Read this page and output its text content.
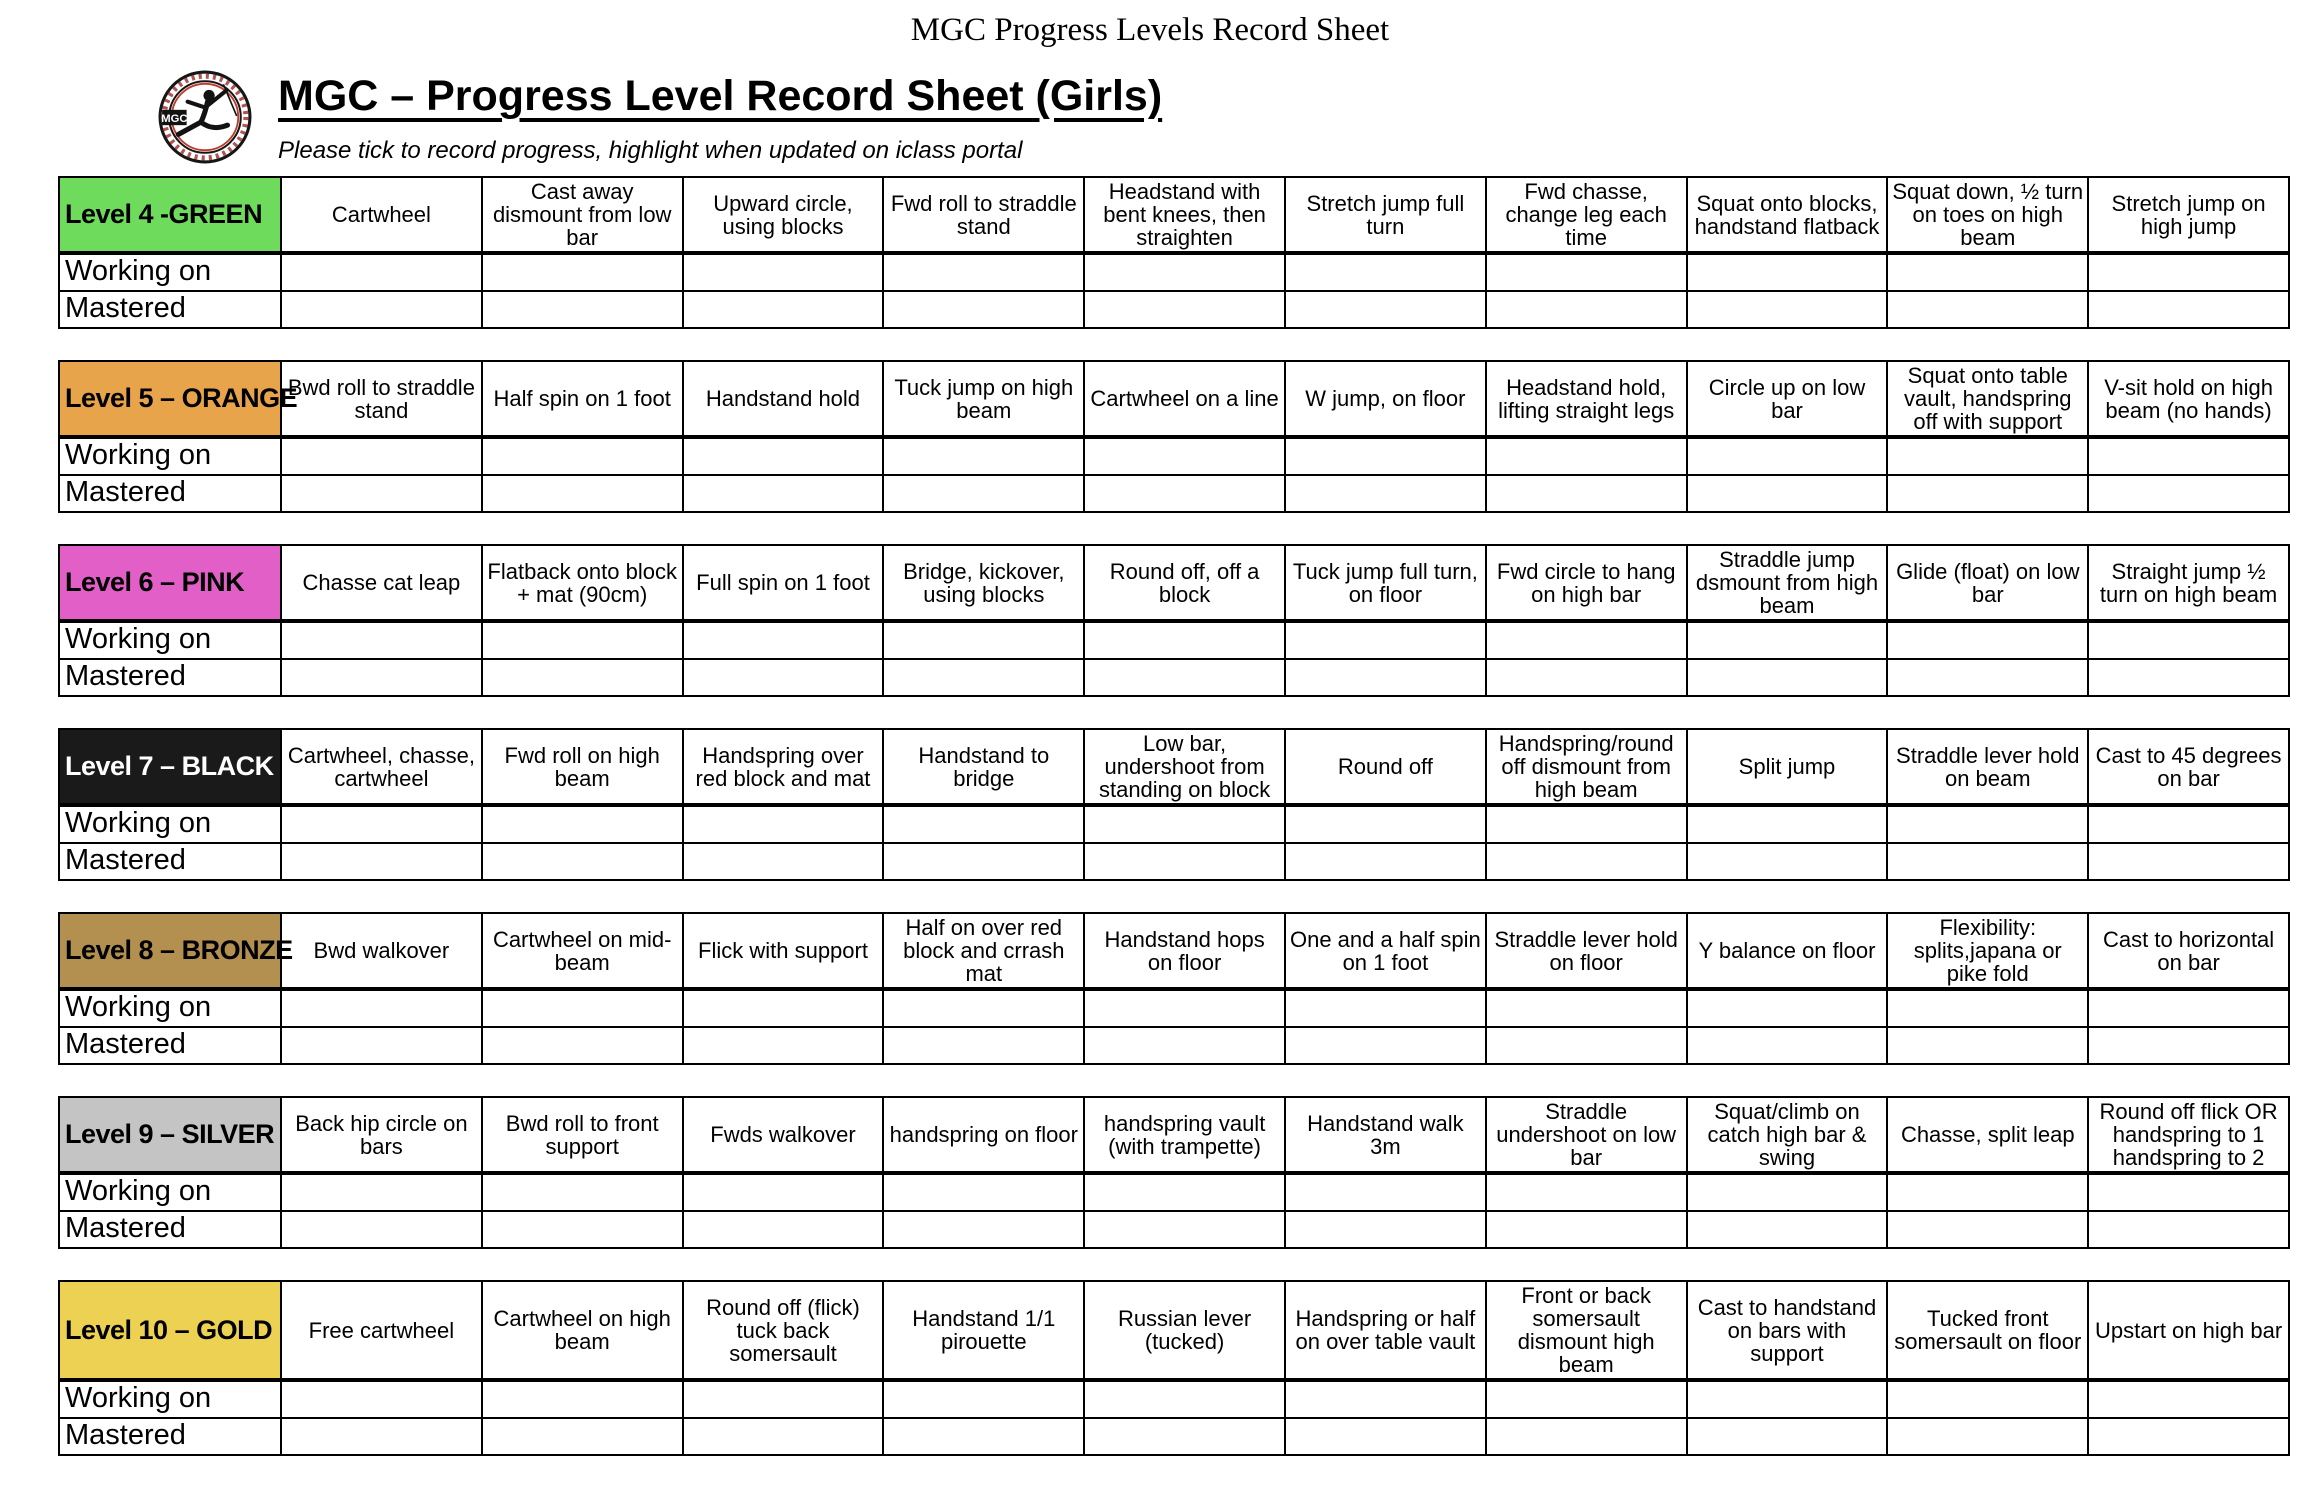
MGC Progress Levels Record Sheet
MGC MGC – Progress Level Record Sheet (Girls)
Please tick to record progress, highlight when updated on iclass portal
Level 4 -GREEN	Cartwheel	Cast away dismount from low bar	Upward circle, using blocks	Fwd roll to straddle stand	Headstand with bent knees, then straighten	Stretch jump full turn	Fwd chasse, change leg each time	Squat onto blocks, handstand flatback	Squat down, ½ turn on toes on high beam	Stretch jump on high jump
Working on										
Mastered										
Level 5 – ORANGE	Bwd roll to straddle stand	Half spin on 1 foot	Handstand hold	Tuck jump on high beam	Cartwheel on a line	W jump, on floor	Headstand hold, lifting straight legs	Circle up on low bar	Squat onto table vault, handspring off with support	V-sit hold on high beam (no hands)
Working on										
Mastered										
Level 6 – PINK	Chasse cat leap	Flatback onto block + mat (90cm)	Full spin on 1 foot	Bridge, kickover, using blocks	Round off, off a block	Tuck jump full turn, on floor	Fwd circle to hang on high bar	Straddle jump dsmount from high beam	Glide (float) on low bar	Straight jump ½ turn on high beam
Working on										
Mastered										
Level 7 – BLACK	Cartwheel, chasse, cartwheel	Fwd roll on high beam	Handspring over red block and mat	Handstand to bridge	Low bar, undershoot from standing on block	Round off	Handspring/round off dismount from high beam	Split jump	Straddle lever hold on beam	Cast to 45 degrees on bar
Working on										
Mastered										
Level 8 – BRONZE	Bwd walkover	Cartwheel on mid-beam	Flick with support	Half on over red block and crrash mat	Handstand hops on floor	One and a half spin on 1 foot	Straddle lever hold on floor	Y balance on floor	Flexibility: splits,japana or pike fold	Cast to horizontal on bar
Working on										
Mastered										
Level 9 – SILVER	Back hip circle on bars	Bwd roll to front support	Fwds walkover	handspring on floor	handspring vault (with trampette)	Handstand walk 3m	Straddle undershoot on low bar	Squat/climb on catch high bar & swing	Chasse, split leap	Round off flick OR handspring to 1 handspring to 2
Working on										
Mastered										
Level 10 – GOLD	Free cartwheel	Cartwheel on high beam	Round off (flick) tuck back somersault	Handstand 1/1 pirouette	Russian lever (tucked)	Handspring or half on over table vault	Front or back somersault dismount high beam	Cast to handstand on bars with support	Tucked front somersault on floor	Upstart on high bar
Working on										
Mastered										
